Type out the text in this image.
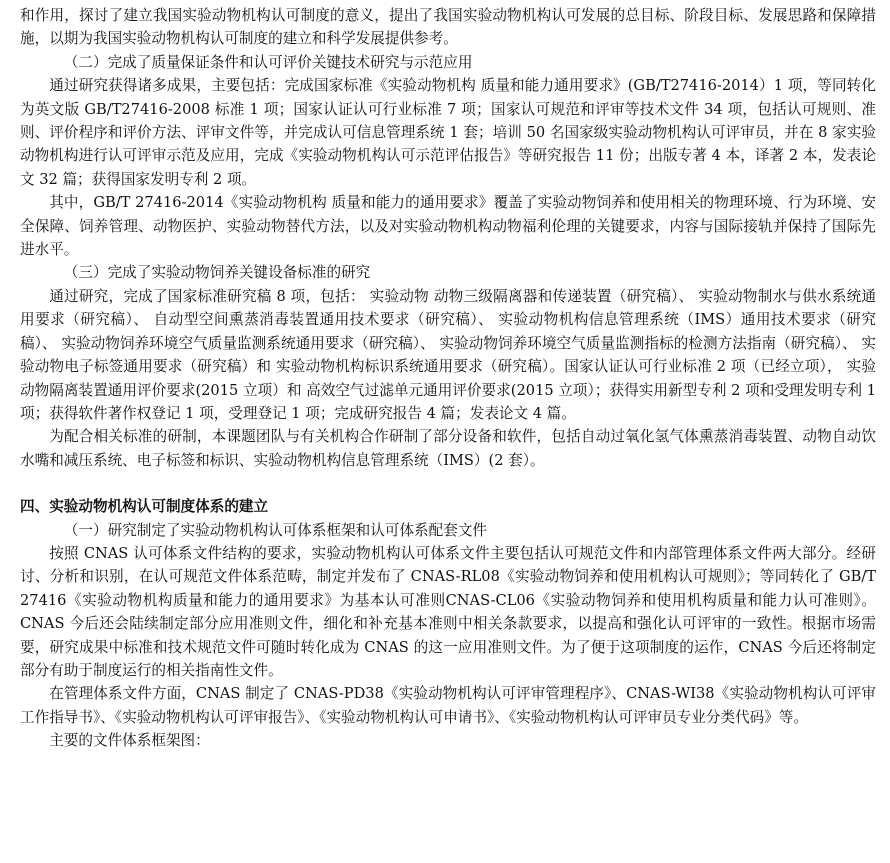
和作用，探讨了建立我国实验动物机构认可制度的意义，提出了我国实验动物机构认可发展的总目标、阶段目标、发展思路和保障措施，以期为我国实验动物机构认可制度的建立和科学发展提供参考。

（二）完成了质量保证条件和认可评价关键技术研究与示范应用

通过研究获得诸多成果，主要包括：完成国家标准《实验动物机构 质量和能力通用要求》(GB/T27416-2014）1 项，等同转化为英文版 GB/T27416-2008 标准 1 项；国家认证认可行业标准 7 项；国家认可规范和评审等技术文件 34 项，包括认可规则、准则、评价程序和评价方法、评审文件等，并完成认可信息管理系统 1 套；培训 50 名国家级实验动物机构认可评审员，并在 8 家实验动物机构进行认可评审示范及应用，完成《实验动物机构认可示范评估报告》等研究报告 11 份；出版专著 4 本，译著 2 本，发表论文 32 篇；获得国家发明专利 2 项。

其中，GB/T 27416-2014《实验动物机构 质量和能力的通用要求》覆盖了实验动物饲养和使用相关的物理环境、行为环境、安全保障、饲养管理、动物医护、实验动物替代方法，以及对实验动物机构动物福利伦理的关键要求，内容与国际接轨并保持了国际先进水平。

（三）完成了实验动物饲养关键设备标准的研究

通过研究，完成了国家标准研究稿 8 项，包括： 实验动物 动物三级隔离器和传递装置（研究稿）、 实验动物制水与供水系统通用要求（研究稿）、 自动型空间熏蒸消毒装置通用技术要求（研究稿）、 实验动物机构信息管理系统（IMS）通用技术要求（研究稿）、 实验动物饲养环境空气质量监测系统通用要求（研究稿）、 实验动物饲养环境空气质量监测指标的检测方法指南（研究稿）、 实验动物电子标签通用要求（研究稿）和 实验动物机构标识系统通用要求（研究稿）。国家认证认可行业标准 2 项（已经立项）， 实验动物隔离装置通用评价要求(2015 立项）和 高效空气过滤单元通用评价要求(2015 立项）；获得实用新型专利 2 项和受理发明专利 1 项；获得软件著作权登记 1 项，受理登记 1 项；完成研究报告 4 篇；发表论文 4 篇。

为配合相关标准的研制，本课题团队与有关机构合作研制了部分设备和软件，包括自动过氧化氢气体熏蒸消毒装置、动物自动饮水嘴和减压系统、电子标签和标识、实验动物机构信息管理系统（IMS）(2 套）。

四、实验动物机构认可制度体系的建立

（一）研究制定了实验动物机构认可体系框架和认可体系配套文件

按照 CNAS 认可体系文件结构的要求，实验动物机构认可体系文件主要包括认可规范文件和内部管理体系文件两大部分。经研讨、分析和识别，在认可规范文件体系范畴，制定并发布了 CNAS-RL08《实验动物饲养和使用机构认可规则》；等同转化了 GB/T 27416《实验动物机构质量和能力的通用要求》为基本认可准则CNAS-CL06《实验动物饲养和使用机构质量和能力认可准则》。CNAS 今后还会陆续制定部分应用准则文件，细化和补充基本准则中相关条款要求，以提高和强化认可评审的一致性。根据市场需要，研究成果中标准和技术规范文件可随时转化成为 CNAS 的这一应用准则文件。为了便于这项制度的运作，CNAS 今后还将制定部分有助于制度运行的相关指南性文件。

在管理体系文件方面，CNAS 制定了 CNAS-PD38《实验动物机构认可评审管理程序》、CNAS-WI38《实验动物机构认可评审工作指导书》、《实验动物机构认可评审报告》、《实验动物机构认可申请书》、《实验动物机构认可评审员专业分类代码》等。

主要的文件体系框架图：
